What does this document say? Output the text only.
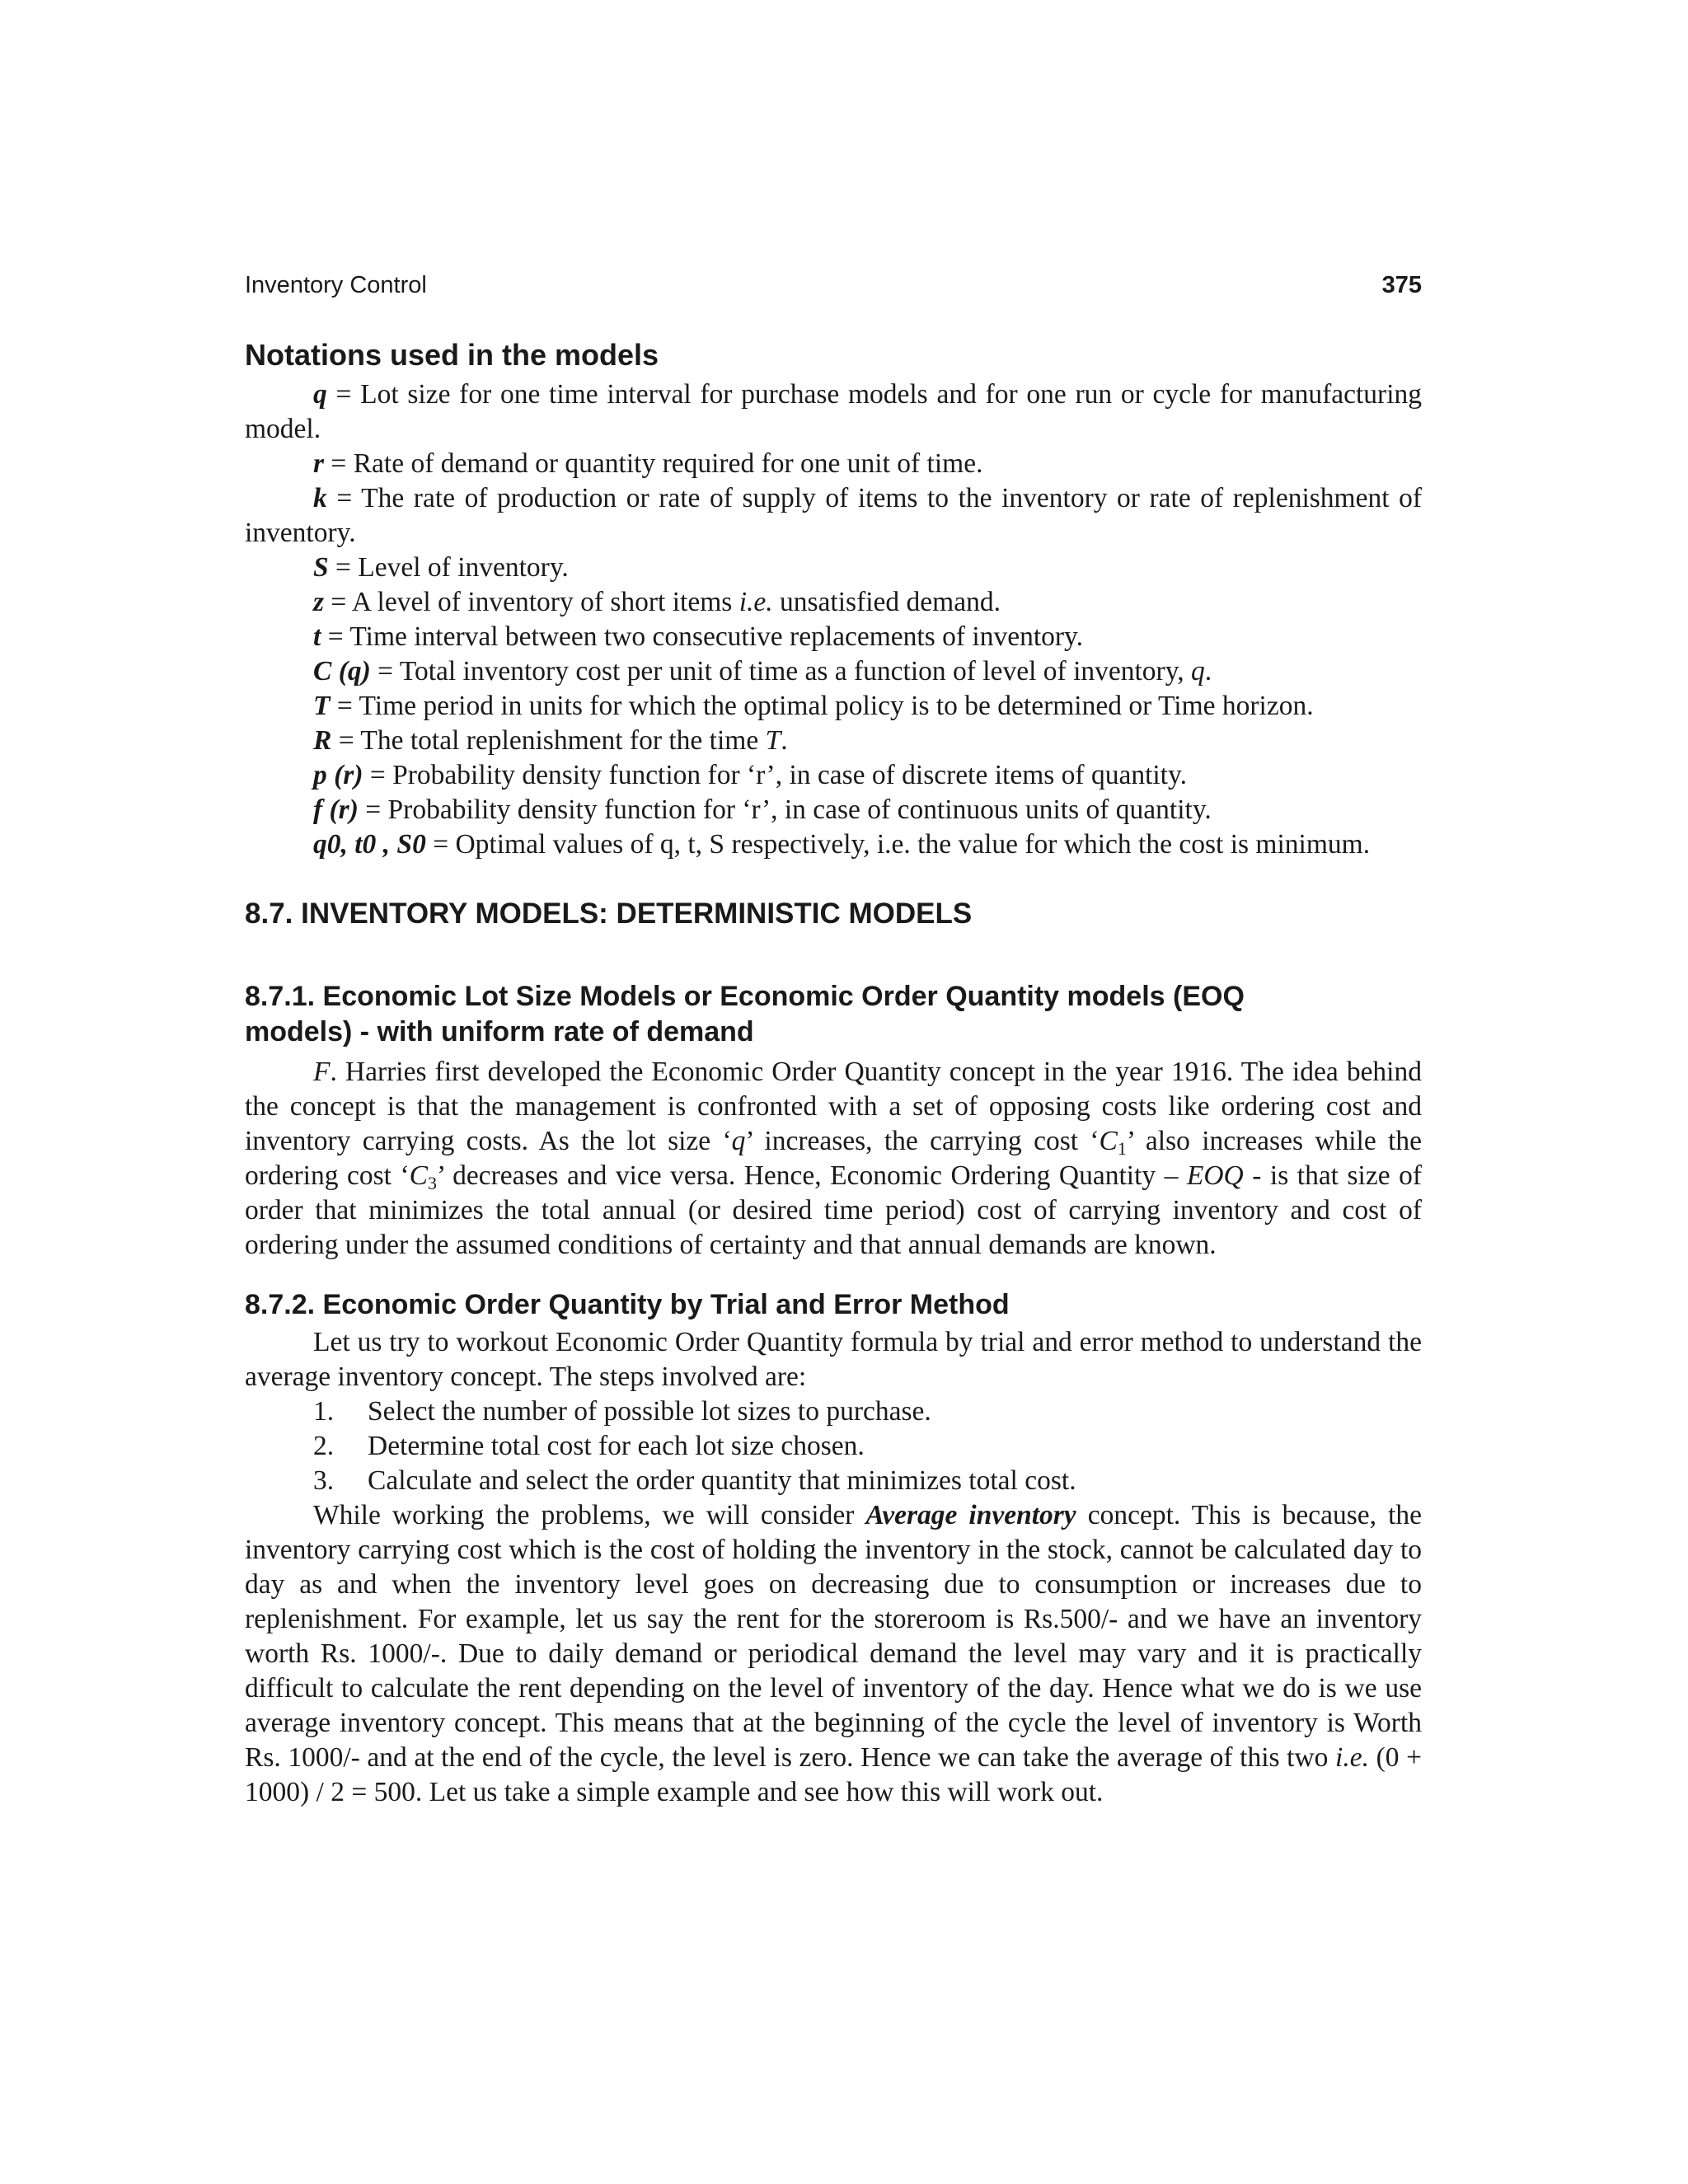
Inventory Control	375
Notations used in the models
q = Lot size for one time interval for purchase models and for one run or cycle for manufacturing model.
r = Rate of demand or quantity required for one unit of time.
k = The rate of production or rate of supply of items to the inventory or rate of replenishment of inventory.
S = Level of inventory.
z = A level of inventory of short items i.e. unsatisfied demand.
t = Time interval between two consecutive replacements of inventory.
C (q) = Total inventory cost per unit of time as a function of level of inventory, q.
T = Time period in units for which the optimal policy is to be determined or Time horizon.
R = The total replenishment for the time T.
p (r) = Probability density function for ‘r’, in case of discrete items of quantity.
f (r) = Probability density function for ‘r’, in case of continuous units of quantity.
q0, t0 , S0 = Optimal values of q, t, S respectively, i.e. the value for which the cost is minimum.
8.7. INVENTORY MODELS: DETERMINISTIC MODELS
8.7.1. Economic Lot Size Models or Economic Order Quantity models (EOQ
models) - with uniform rate of demand

F. Harries first developed the Economic Order Quantity concept in the year 1916. The idea behind the concept is that the management is confronted with a set of opposing costs like ordering cost and inventory carrying costs. As the lot size ‘q’ increases, the carrying cost ‘$C_1$’ also increases while the ordering cost ‘$C_3$’ decreases and vice versa. Hence, Economic Ordering Quantity – EOQ - is that size of order that minimizes the total annual (or desired time period) cost of carrying inventory and cost of ordering under the assumed conditions of certainty and that annual demands are known.

8.7.2. Economic Order Quantity by Trial and Error Method

Let us try to workout Economic Order Quantity formula by trial and error method to understand the average inventory concept. The steps involved are:

1.	Select the number of possible lot sizes to purchase.
2.	Determine total cost for each lot size chosen.
3.	Calculate and select the order quantity that minimizes total cost.

While working the problems, we will consider Average inventory concept. This is because, the inventory carrying cost which is the cost of holding the inventory in the stock, cannot be calculated day to day as and when the inventory level goes on decreasing due to consumption or increases due to replenishment. For example, let us say the rent for the storeroom is Rs.500/- and we have an inventory worth Rs. 1000/-. Due to daily demand or periodical demand the level may vary and it is practically difficult to calculate the rent depending on the level of inventory of the day. Hence what we do is we use average inventory concept. This means that at the beginning of the cycle the level of inventory is Worth Rs. 1000/- and at the end of the cycle, the level is zero. Hence we can take the average of this two i.e. (0 + 1000) / 2 = 500. Let us take a simple example and see how this will work out.
